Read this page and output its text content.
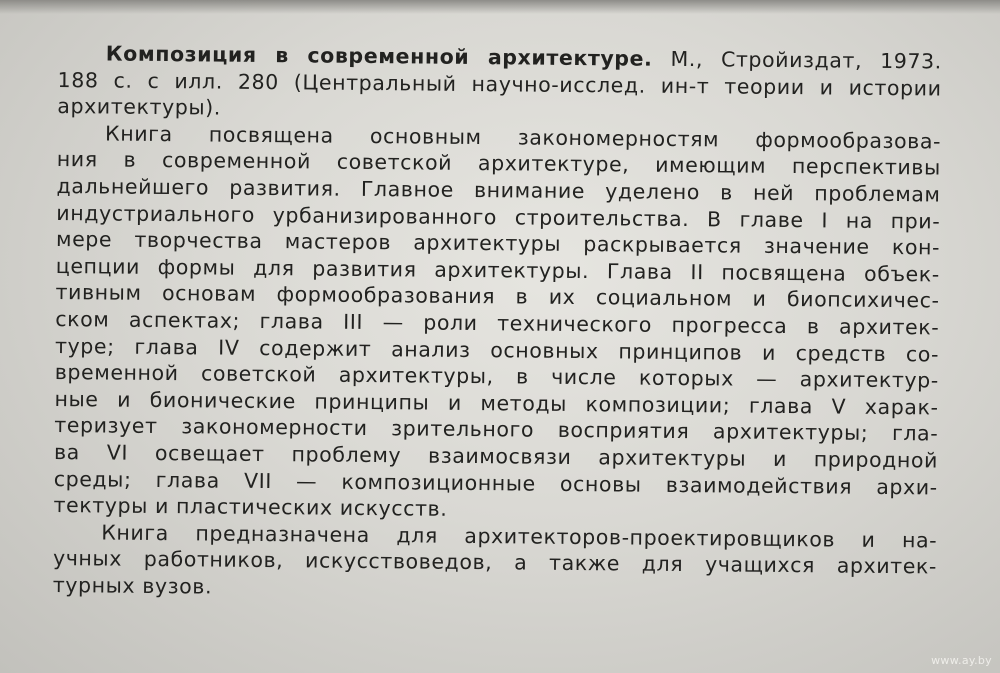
Композиция в современной архитектуре. М., Стройиздат, 1973.
188 с. с илл. 280 (Центральный научно-исслед. ин-т теории и истории
архитектуры).
Книга посвящена основным закономерностям формообразова-
ния в современной советской архитектуре, имеющим перспективы
дальнейшего развития. Главное внимание уделено в ней проблемам
индустриального урбанизированного строительства. В главе I на при-
мере творчества мастеров архитектуры раскрывается значение кон-
цепции формы для развития архитектуры. Глава II посвящена объек-
тивным основам формообразования в их социальном и биопсихичес-
ском аспектах; глава III — роли технического прогресса в архитек-
туре; глава IV содержит анализ основных принципов и средств со-
временной советской архитектуры, в числе которых — архитектур-
ные и бионические принципы и методы композиции; глава V харак-
теризует закономерности зрительного восприятия архитектуры; гла-
ва VI освещает проблему взаимосвязи архитектуры и природной
среды; глава VII — композиционные основы взаимодействия архи-
тектуры и пластических искусств.
Книга предназначена для архитекторов-проектировщиков и на-
учных работников, искусствоведов, а также для учащихся архитек-
турных вузов.
www.ay.by
